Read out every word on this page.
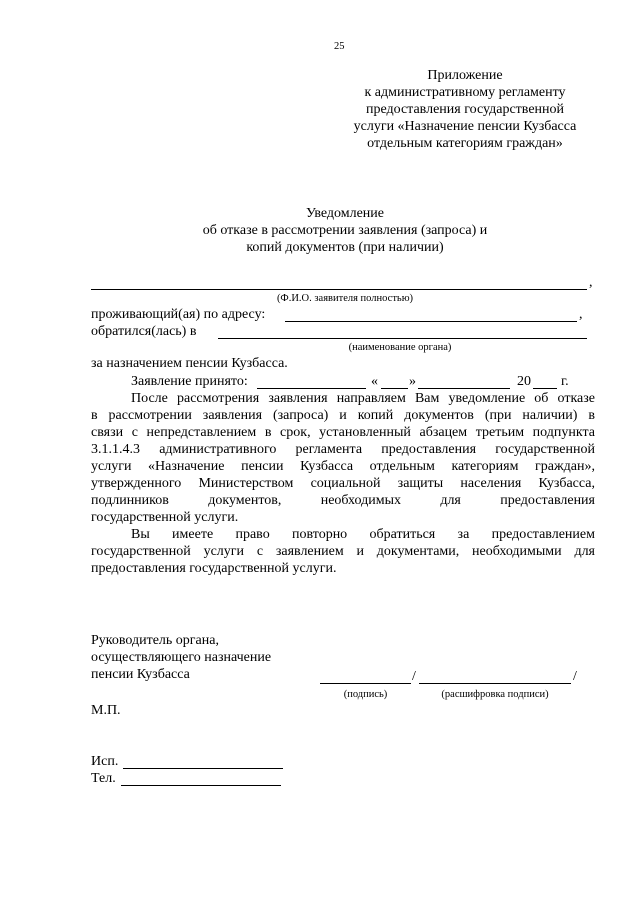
25
Приложение
к административному регламенту
предоставления государственной
услуги «Назначение пенсии Кузбасса
отдельным категориям граждан»
Уведомление
об отказе в рассмотрении заявления (запроса) и
копий документов (при наличии)
,
(Ф.И.О. заявителя полностью)
проживающий(ая) по адресу:	,
обратился(лась) в
(наименование органа)
за назначением пенсии Кузбасса.
Заявление принято:	« »	20 г.
После рассмотрения заявления направляем Вам уведомление об отказе
в рассмотрении заявления (запроса) и копий документов (при наличии) в
связи с непредставлением в срок, установленный абзацем третьим подпункта
3.1.1.4.3 административного регламента предоставления государственной
услуги «Назначение пенсии Кузбасса отдельным категориям граждан»,
утвержденного Министерством социальной защиты населения Кузбасса,
подлинников документов, необходимых для предоставления
государственной услуги.
Вы имеете право повторно обратиться за предоставлением
государственной услуги с заявлением и документами, необходимыми для
предоставления государственной услуги.
Руководитель органа,
осуществляющего назначение
пенсии Кузбасса	/	/
(подпись)	(расшифровка подписи)
М.П.
Исп.
Тел.
